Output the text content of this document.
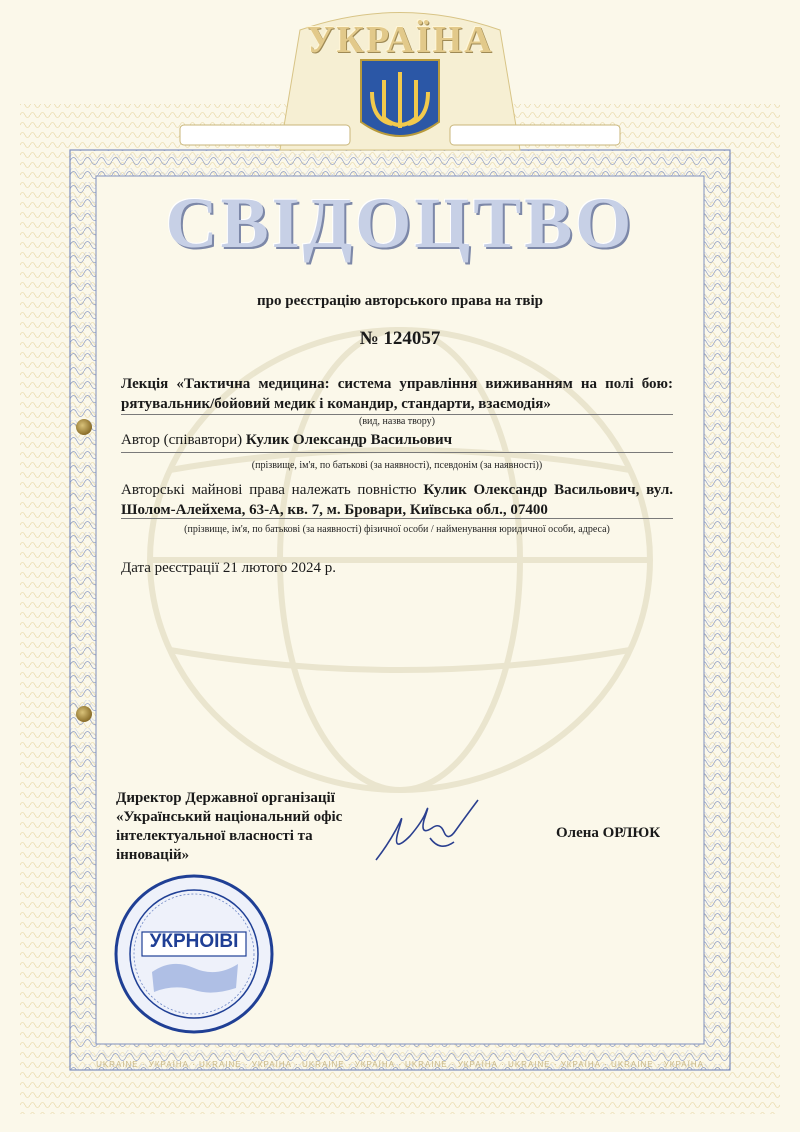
УКРАЇНА
СВІДОЦТВО
про реєстрацію авторського права на твір
№ 124057
Лекція «Тактична медицина: система управління виживанням на полі бою: рятувальник/бойовий медик і командир, стандарти, взаємодія»
(вид, назва твору)
Автор (співавтори) Кулик Олександр Васильович
(прізвище, ім'я, по батькові (за наявності), псевдонім (за наявності))
Авторські майнові права належать повністю Кулик Олександр Васильович, вул. Шолом-Алейхема, 63-А, кв. 7, м. Бровари, Київська обл., 07400
(прізвище, ім'я, по батькові (за наявності) фізичної особи / найменування юридичної особи, адреса)
Дата реєстрації 21 лютого 2024 р.
Директор Державної організації «Український національний офіс інтелектуальної власності та інновацій»
Олена ОРЛЮК
УКРНОІВІ
UKRAINE · УКРАЇНА · UKRAINE · УКРАЇНА · UKRAINE · УКРАЇНА · UKRAINE · УКРАЇНА · UKRAINE · УКРАЇНА · UKRAINE · УКРАЇНА
